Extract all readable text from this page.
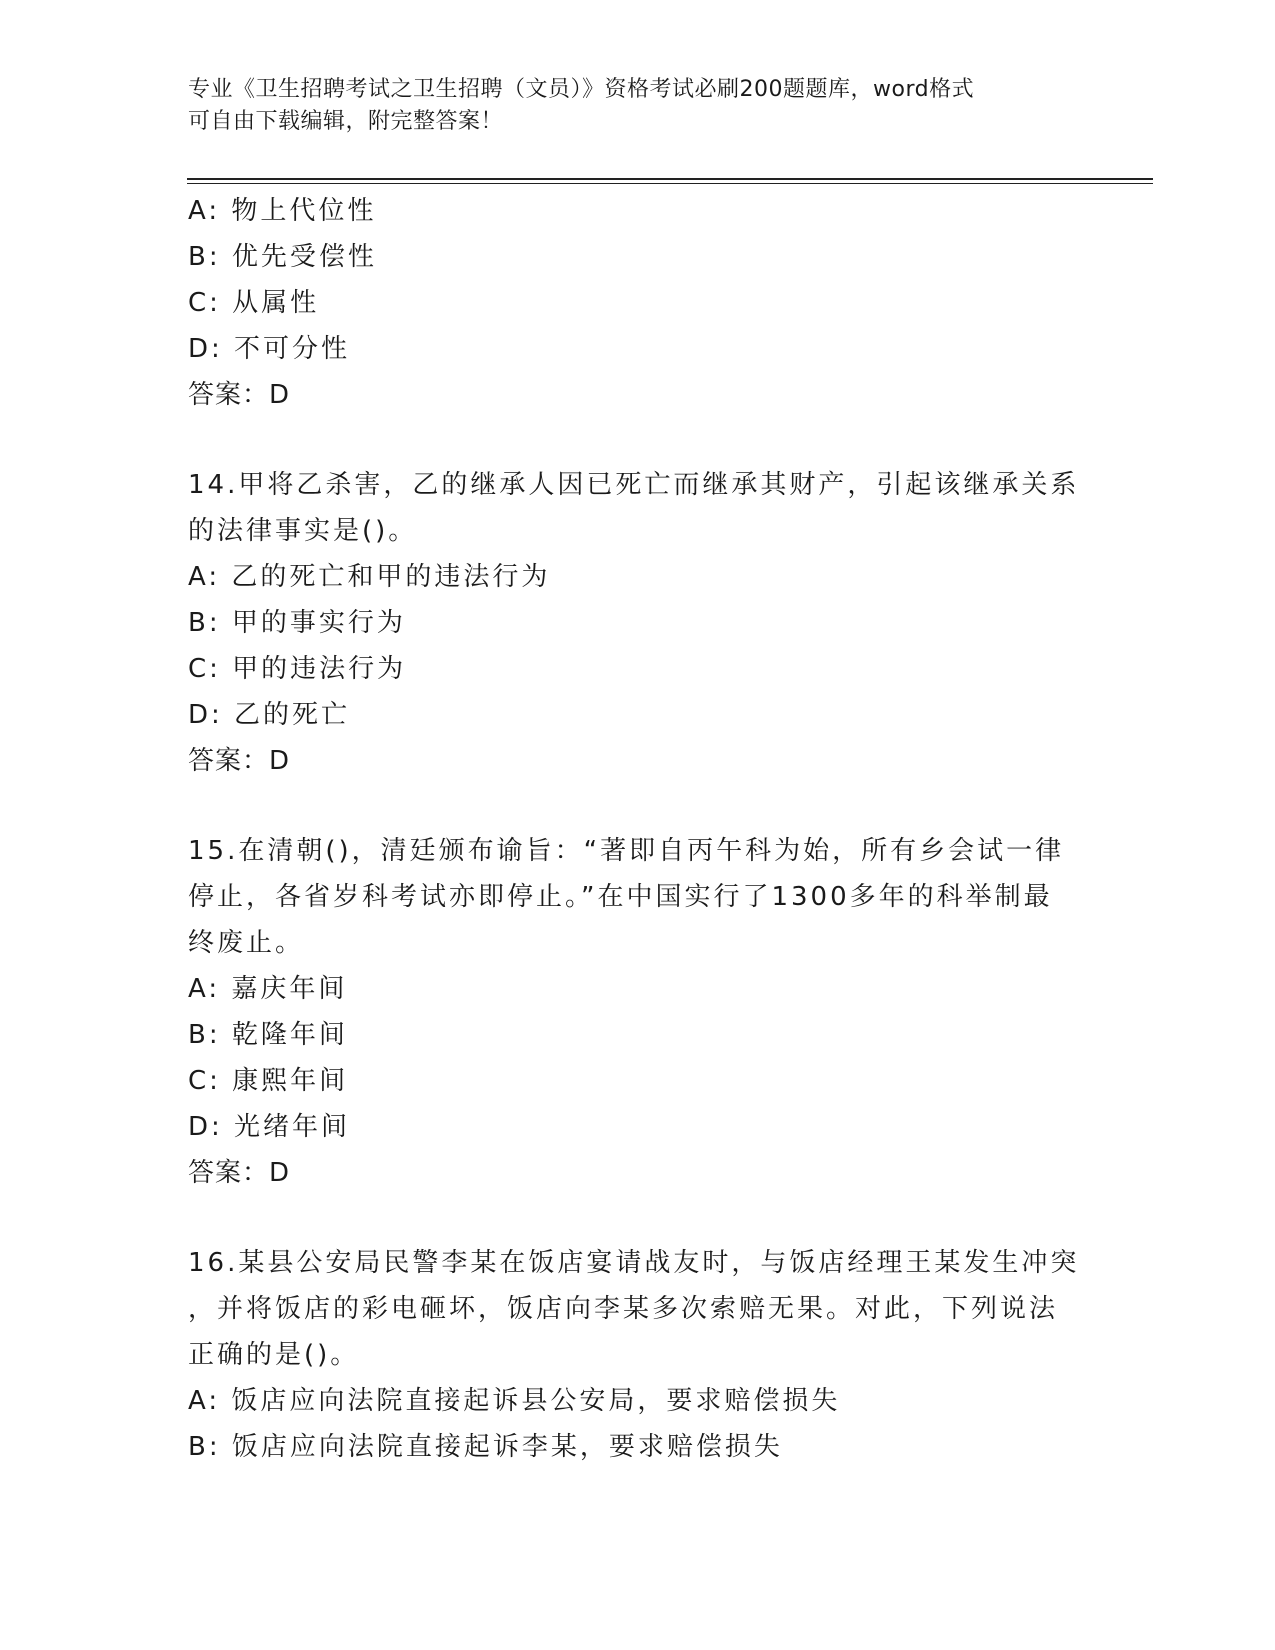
专业《卫生招聘考试之卫生招聘（文员）》资格考试必刷200题题库，word格式
可自由下载编辑，附完整答案！
A: 物上代位性
B: 优先受偿性
C: 从属性
D: 不可分性
答案：D
14.甲将乙杀害，乙的继承人因已死亡而继承其财产，引起该继承关系
的法律事实是()。
A: 乙的死亡和甲的违法行为
B: 甲的事实行为
C: 甲的违法行为
D: 乙的死亡
答案：D
15.在清朝()，清廷颁布谕旨：“著即自丙午科为始，所有乡会试一律
停止，各省岁科考试亦即停止。”在中国实行了1300多年的科举制最
终废止。
A: 嘉庆年间
B: 乾隆年间
C: 康熙年间
D: 光绪年间
答案：D
16.某县公安局民警李某在饭店宴请战友时，与饭店经理王某发生冲突
，并将饭店的彩电砸坏，饭店向李某多次索赔无果。对此，下列说法
正确的是()。
A: 饭店应向法院直接起诉县公安局，要求赔偿损失
B: 饭店应向法院直接起诉李某，要求赔偿损失
